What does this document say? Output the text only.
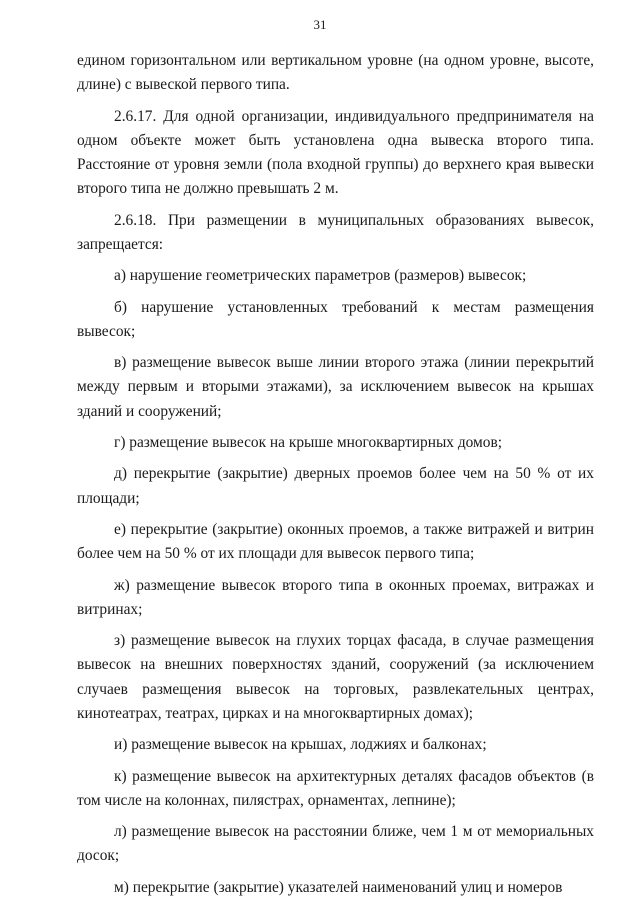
31

едином горизонтальном или вертикальном уровне (на одном уровне, высоте, длине) с вывеской первого типа.

2.6.17. Для одной организации, индивидуального предпринимателя на одном объекте может быть установлена одна вывеска второго типа. Расстояние от уровня земли (пола входной группы) до верхнего края вывески второго типа не должно превышать 2 м.

2.6.18. При размещении в муниципальных образованиях вывесок, запрещается:

а) нарушение геометрических параметров (размеров) вывесок;

б) нарушение установленных требований к местам размещения вывесок;

в) размещение вывесок выше линии второго этажа (линии перекрытий между первым и вторыми этажами), за исключением вывесок на крышах зданий и сооружений;

г) размещение вывесок на крыше многоквартирных домов;

д) перекрытие (закрытие) дверных проемов более чем на 50 % от их площади;

е) перекрытие (закрытие) оконных проемов, а также витражей и витрин более чем на 50 % от их площади для вывесок первого типа;

ж) размещение вывесок второго типа в оконных проемах, витражах и витринах;

з) размещение вывесок на глухих торцах фасада, в случае размещения вывесок на внешних поверхностях зданий, сооружений (за исключением случаев размещения вывесок на торговых, развлекательных центрах, кинотеатрах, театрах, цирках и на многоквартирных домах);

и) размещение вывесок на крышах, лоджиях и балконах;

к) размещение вывесок на архитектурных деталях фасадов объектов (в том числе на колоннах, пилястрах, орнаментах, лепнине);

л) размещение вывесок на расстоянии ближе, чем 1 м от мемориальных досок;

м) перекрытие (закрытие) указателей наименований улиц и номеров
